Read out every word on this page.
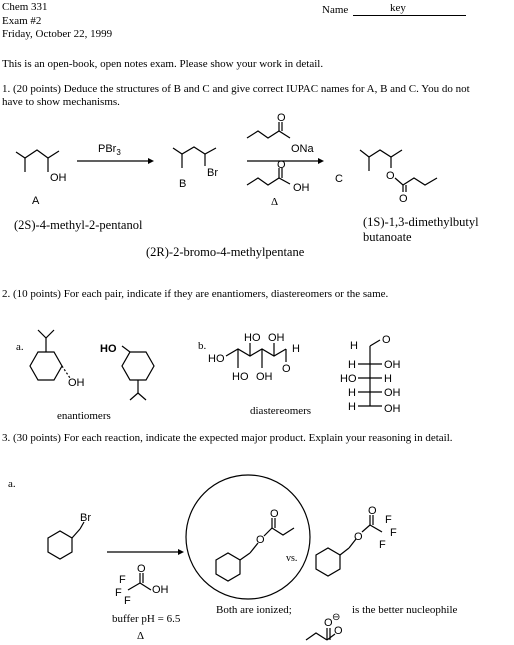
Chem 331
Exam #2
Friday, October 22, 1999
Name	key
This is an open-book, open notes exam. Please show your work in detail.
1. (20 points) Deduce the structures of B and C and give correct IUPAC names for A, B and C. You do not
have to show mechanisms.
PBr$_3$
A
B	C
Δ
(2S)-4-methyl-2-pentanol
(2R)-2-bromo-4-methylpentane
(1S)-1,3-dimethylbutyl
butanoate
OH	Br
O
ONa
O
OH
O
O
OH
HO
HO
HO
HO OH
OH
O
H	H O
H	OH
HO	H
H	OH
H	OH
Br
O
OH
F
F
F
O
O
vs.
O
O
F
F
F
O
O
⊖
2. (10 points) For each pair, indicate if they are enantiomers, diastereomers or the same.
a.	b.
enantiomers	diastereomers
3. (30 points) For each reaction, indicate the expected major product. Explain your reasoning in detail.
a.
buffer pH = 6.5
Δ
Both are ionized;	is the better nucleophile
